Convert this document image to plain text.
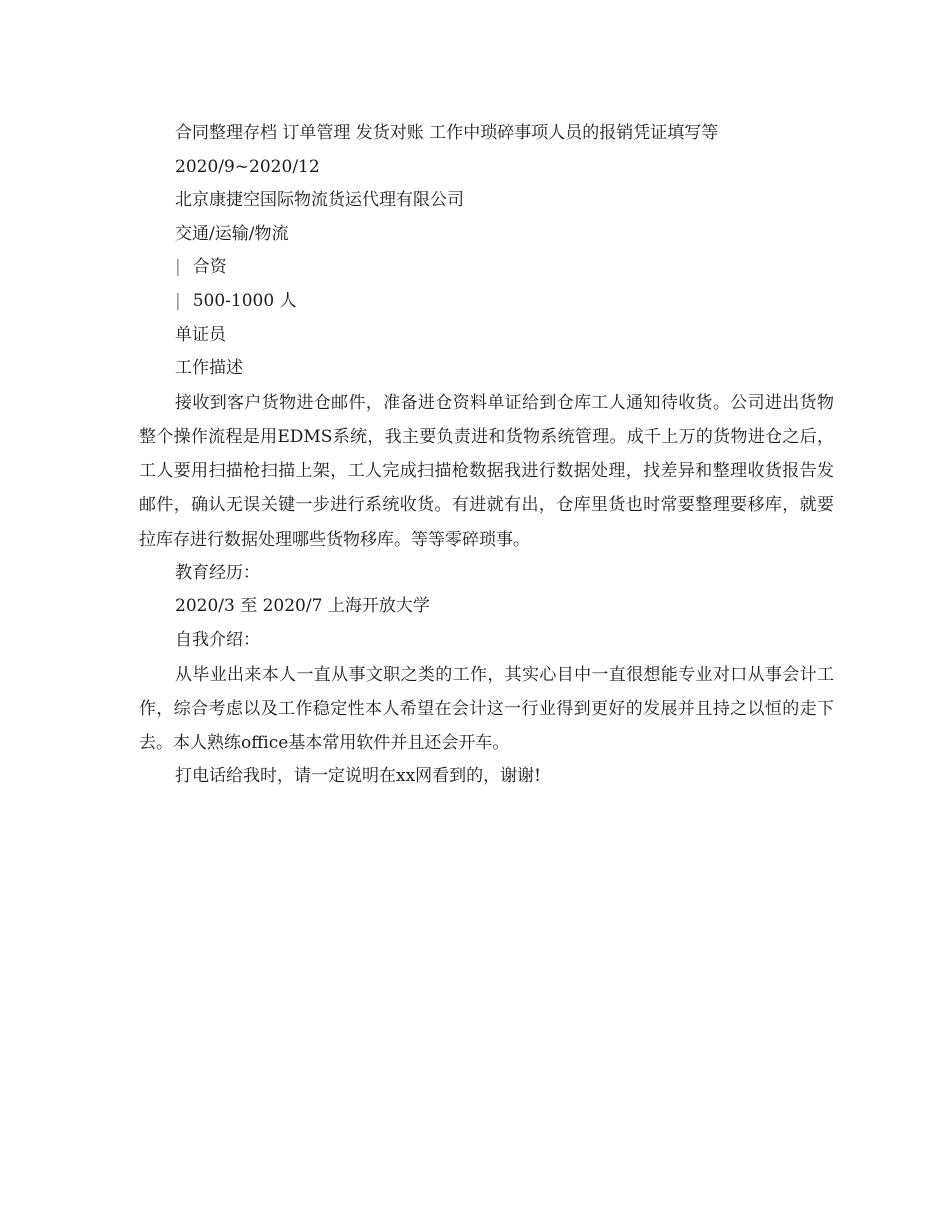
合同整理存档 订单管理 发货对账 工作中琐碎事项人员的报销凭证填写等
2020/9~2020/12
北京康捷空国际物流货运代理有限公司
交通/运输/物流
| 合资
| 500-1000 人
单证员
工作描述

接收到客户货物进仓邮件，准备进仓资料单证给到仓库工人通知待收货。公司进出货物整个操作流程是用EDMS系统，我主要负责进和货物系统管理。成千上万的货物进仓之后，工人要用扫描枪扫描上架，工人完成扫描枪数据我进行数据处理，找差异和整理收货报告发邮件，确认无误关键一步进行系统收货。有进就有出，仓库里货也时常要整理要移库，就要拉库存进行数据处理哪些货物移库。等等零碎琐事。

教育经历：
2020/3 至 2020/7 上海开放大学
自我介绍：

从毕业出来本人一直从事文职之类的工作，其实心目中一直很想能专业对口从事会计工作，综合考虑以及工作稳定性本人希望在会计这一行业得到更好的发展并且持之以恒的走下去。本人熟练office基本常用软件并且还会开车。

打电话给我时，请一定说明在xx网看到的，谢谢!
